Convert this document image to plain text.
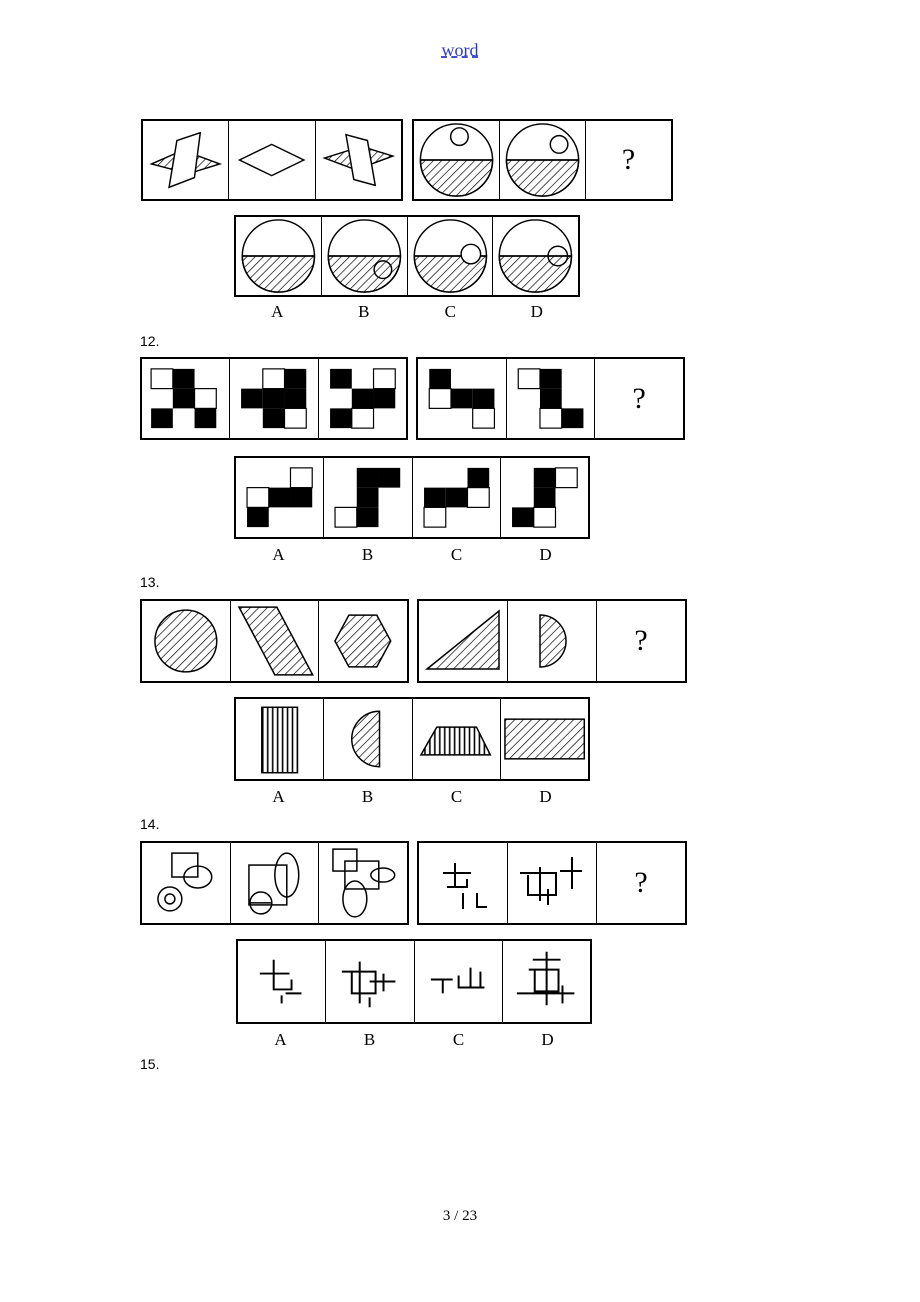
word
?
A	B	C	D
12.
?
A	B	C	D
13.
?
A	B	C	D
14.
?
A	B	C	D
15.
3 / 23
